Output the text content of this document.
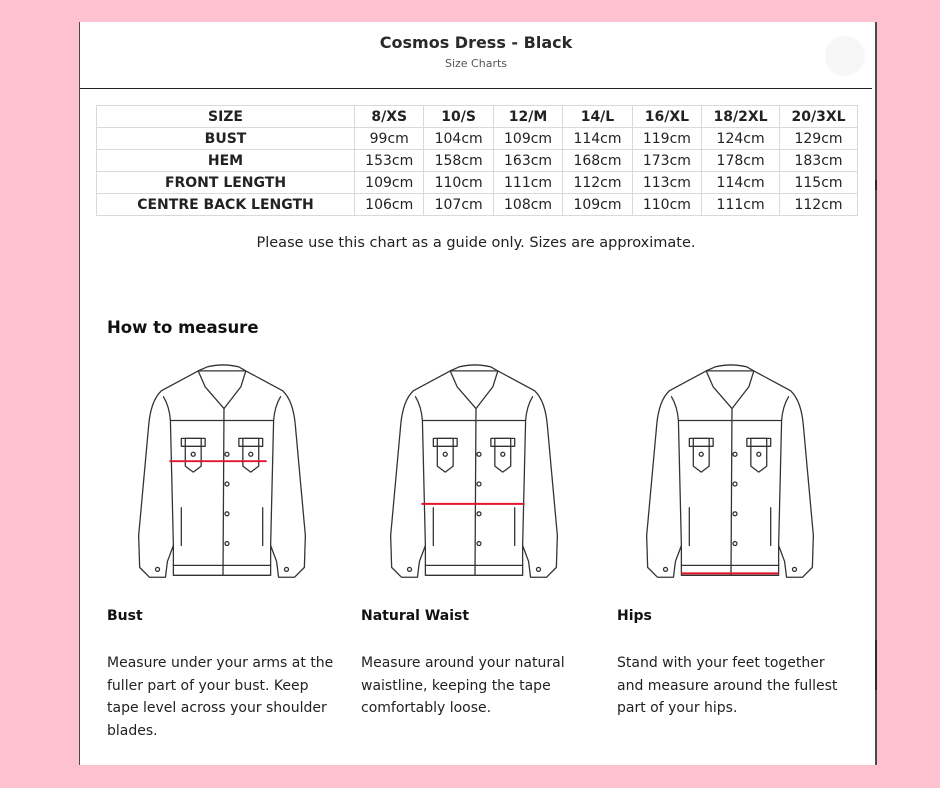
Cosmos Dress - Black
Size Charts
SIZE	8/XS	10/S	12/M	14/L	16/XL	18/2XL	20/3XL
BUST	99cm	104cm	109cm	114cm	119cm	124cm	129cm
HEM	153cm	158cm	163cm	168cm	173cm	178cm	183cm
FRONT LENGTH	109cm	110cm	111cm	112cm	113cm	114cm	115cm
CENTRE BACK LENGTH	106cm	107cm	108cm	109cm	110cm	111cm	112cm
Please use this chart as a guide only. Sizes are approximate.
How to measure
Bust	Natural Waist	Hips
Measure under your arms at the fuller part of your bust. Keep tape level across your shoulder blades.
Measure around your natural waistline, keeping the tape comfortably loose.
Stand with your feet together and measure around the fullest part of your hips.
